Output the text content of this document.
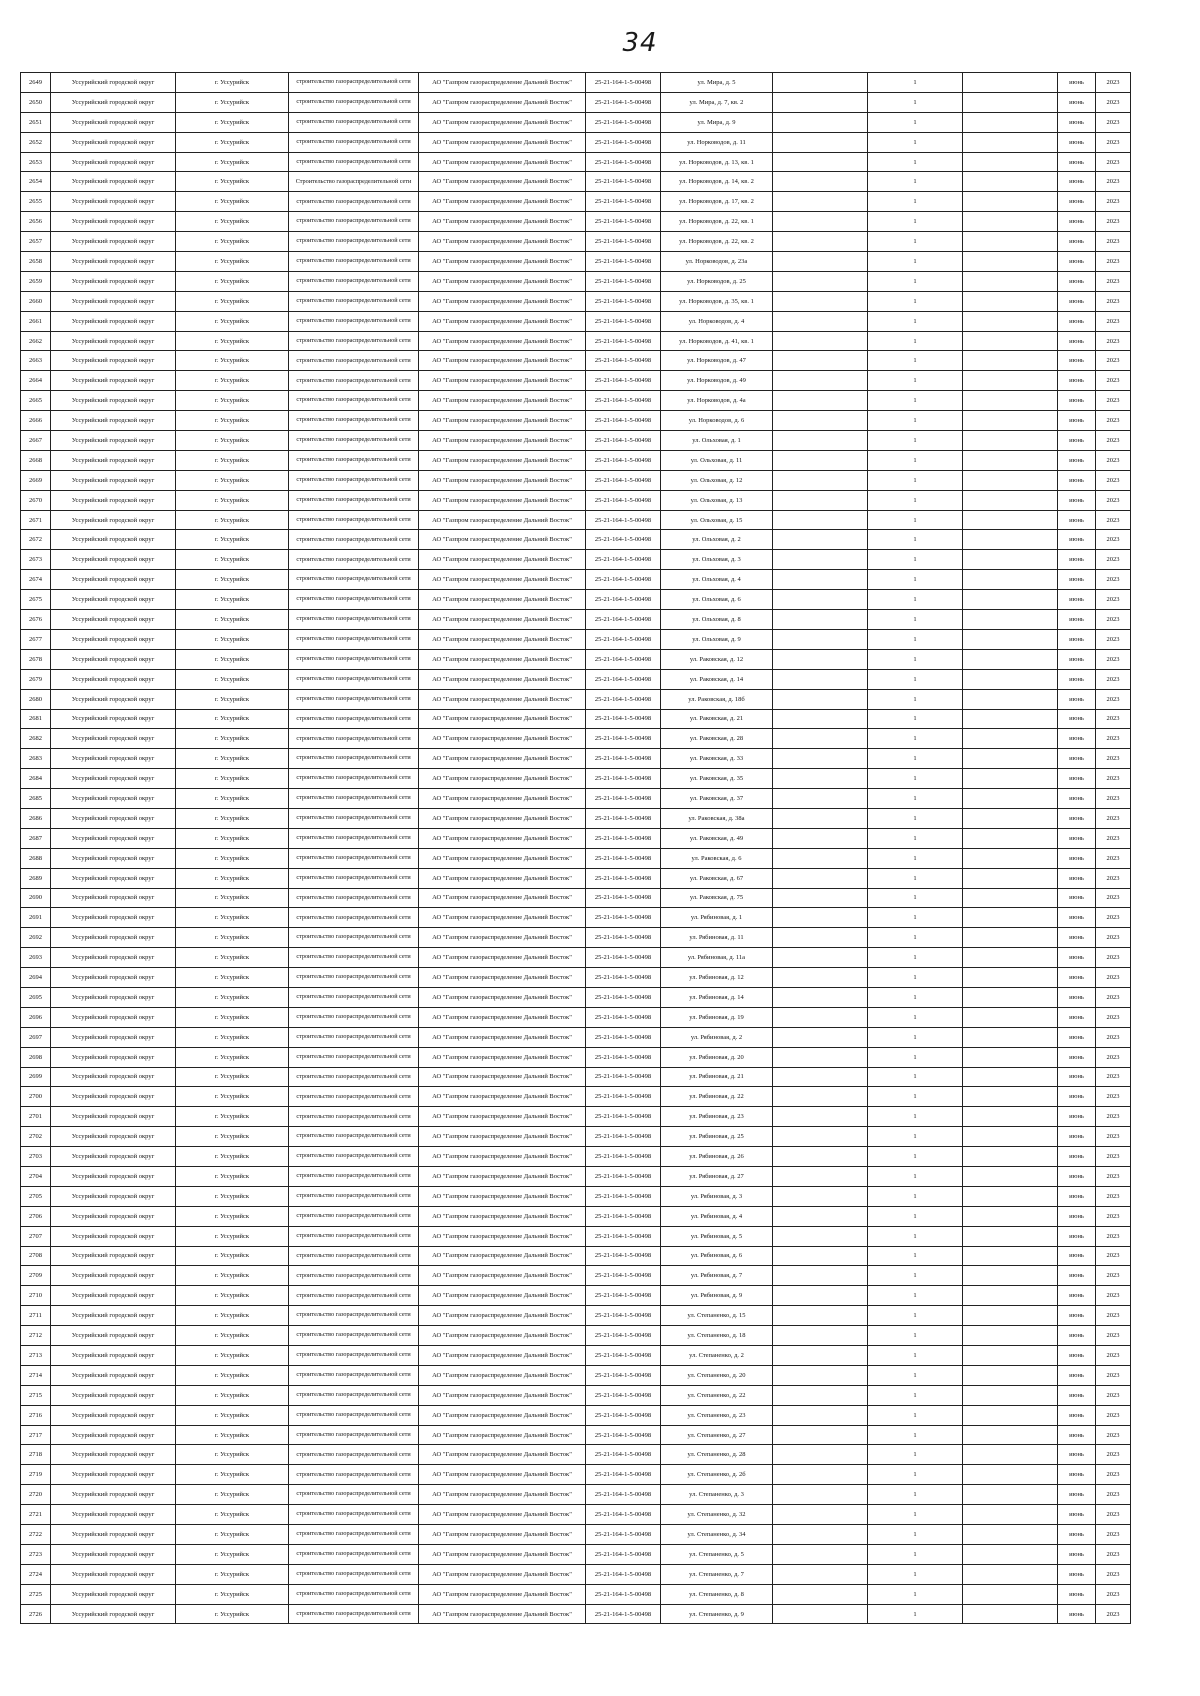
34
2649	Уссурийский городской округ	г. Уссурийск	строительство газораспределительной сети	АО "Газпром газораспределение Дальний Восток"	25-21-164-1-5-00498	ул. Мира, д. 5		1		июнь	2023
2650	Уссурийский городской округ	г. Уссурийск	строительство газораспределительной сети	АО "Газпром газораспределение Дальний Восток"	25-21-164-1-5-00498	ул. Мира, д. 7, кв. 2		1		июнь	2023
2651	Уссурийский городской округ	г. Уссурийск	строительство газораспределительной сети	АО "Газпром газораспределение Дальний Восток"	25-21-164-1-5-00498	ул. Мира, д. 9		1		июнь	2023
2652	Уссурийский городской округ	г. Уссурийск	строительство газораспределительной сети	АО "Газпром газораспределение Дальний Восток"	25-21-164-1-5-00498	ул. Норководов, д. 11		1		июнь	2023
2653	Уссурийский городской округ	г. Уссурийск	строительство газораспределительной сети	АО "Газпром газораспределение Дальний Восток"	25-21-164-1-5-00498	ул. Норководов, д. 13, кв. 1		1		июнь	2023
2654	Уссурийский городской округ	г. Уссурийск	Строительство газораспределительной сети	АО "Газпром газораспределение Дальний Восток"	25-21-164-1-5-00498	ул. Норководов, д. 14, кв. 2		1		июнь	2023
2655	Уссурийский городской округ	г. Уссурийск	строительство газораспределительной сети	АО "Газпром газораспределение Дальний Восток"	25-21-164-1-5-00498	ул. Норководов, д. 17, кв. 2		1		июнь	2023
2656	Уссурийский городской округ	г. Уссурийск	строительство газораспределительной сети	АО "Газпром газораспределение Дальний Восток"	25-21-164-1-5-00498	ул. Норководов, д. 22, кв. 1		1		июнь	2023
2657	Уссурийский городской округ	г. Уссурийск	строительство газораспределительной сети	АО "Газпром газораспределение Дальний Восток"	25-21-164-1-5-00498	ул. Норководов, д. 22, кв. 2		1		июнь	2023
2658	Уссурийский городской округ	г. Уссурийск	строительство газораспределительной сети	АО "Газпром газораспределение Дальний Восток"	25-21-164-1-5-00498	ул. Норководов, д. 23а		1		июнь	2023
2659	Уссурийский городской округ	г. Уссурийск	строительство газораспределительной сети	АО "Газпром газораспределение Дальний Восток"	25-21-164-1-5-00498	ул. Норководов, д. 25		1		июнь	2023
2660	Уссурийский городской округ	г. Уссурийск	строительство газораспределительной сети	АО "Газпром газораспределение Дальний Восток"	25-21-164-1-5-00498	ул. Норководов, д. 35, кв. 1		1		июнь	2023
2661	Уссурийский городской округ	г. Уссурийск	строительство газораспределительной сети	АО "Газпром газораспределение Дальний Восток"	25-21-164-1-5-00498	ул. Норководов, д. 4		1		июнь	2023
2662	Уссурийский городской округ	г. Уссурийск	строительство газораспределительной сети	АО "Газпром газораспределение Дальний Восток"	25-21-164-1-5-00498	ул. Норководов, д. 41, кв. 1		1		июнь	2023
2663	Уссурийский городской округ	г. Уссурийск	строительство газораспределительной сети	АО "Газпром газораспределение Дальний Восток"	25-21-164-1-5-00498	ул. Норководов, д. 47		1		июнь	2023
2664	Уссурийский городской округ	г. Уссурийск	строительство газораспределительной сети	АО "Газпром газораспределение Дальний Восток"	25-21-164-1-5-00498	ул. Норководов, д. 49		1		июнь	2023
2665	Уссурийский городской округ	г. Уссурийск	строительство газораспределительной сети	АО "Газпром газораспределение Дальний Восток"	25-21-164-1-5-00498	ул. Норководов, д. 4а		1		июнь	2023
2666	Уссурийский городской округ	г. Уссурийск	строительство газораспределительной сети	АО "Газпром газораспределение Дальний Восток"	25-21-164-1-5-00498	ул. Норководов, д. 6		1		июнь	2023
2667	Уссурийский городской округ	г. Уссурийск	строительство газораспределительной сети	АО "Газпром газораспределение Дальний Восток"	25-21-164-1-5-00498	ул. Ольховая, д. 1		1		июнь	2023
2668	Уссурийский городской округ	г. Уссурийск	строительство газораспределительной сети	АО "Газпром газораспределение Дальний Восток"	25-21-164-1-5-00498	ул. Ольховая, д. 11		1		июнь	2023
2669	Уссурийский городской округ	г. Уссурийск	строительство газораспределительной сети	АО "Газпром газораспределение Дальний Восток"	25-21-164-1-5-00498	ул. Ольховая, д. 12		1		июнь	2023
2670	Уссурийский городской округ	г. Уссурийск	строительство газораспределительной сети	АО "Газпром газораспределение Дальний Восток"	25-21-164-1-5-00498	ул. Ольховая, д. 13		1		июнь	2023
2671	Уссурийский городской округ	г. Уссурийск	строительство газораспределительной сети	АО "Газпром газораспределение Дальний Восток"	25-21-164-1-5-00498	ул. Ольховая, д. 15		1		июнь	2023
2672	Уссурийский городской округ	г. Уссурийск	строительство газораспределительной сети	АО "Газпром газораспределение Дальний Восток"	25-21-164-1-5-00498	ул. Ольховая, д. 2		1		июнь	2023
2673	Уссурийский городской округ	г. Уссурийск	строительство газораспределительной сети	АО "Газпром газораспределение Дальний Восток"	25-21-164-1-5-00498	ул. Ольховая, д. 3		1		июнь	2023
2674	Уссурийский городской округ	г. Уссурийск	строительство газораспределительной сети	АО "Газпром газораспределение Дальний Восток"	25-21-164-1-5-00498	ул. Ольховая, д. 4		1		июнь	2023
2675	Уссурийский городской округ	г. Уссурийск	строительство газораспределительной сети	АО "Газпром газораспределение Дальний Восток"	25-21-164-1-5-00498	ул. Ольховая, д. 6		1		июнь	2023
2676	Уссурийский городской округ	г. Уссурийск	строительство газораспределительной сети	АО "Газпром газораспределение Дальний Восток"	25-21-164-1-5-00498	ул. Ольховая, д. 8		1		июнь	2023
2677	Уссурийский городской округ	г. Уссурийск	строительство газораспределительной сети	АО "Газпром газораспределение Дальний Восток"	25-21-164-1-5-00498	ул. Ольховая, д. 9		1		июнь	2023
2678	Уссурийский городской округ	г. Уссурийск	строительство газораспределительной сети	АО "Газпром газораспределение Дальний Восток"	25-21-164-1-5-00498	ул. Раковская, д. 12		1		июнь	2023
2679	Уссурийский городской округ	г. Уссурийск	строительство газораспределительной сети	АО "Газпром газораспределение Дальний Восток"	25-21-164-1-5-00498	ул. Раковская, д. 14		1		июнь	2023
2680	Уссурийский городской округ	г. Уссурийск	строительство газораспределительной сети	АО "Газпром газораспределение Дальний Восток"	25-21-164-1-5-00498	ул. Раковская, д. 18б		1		июнь	2023
2681	Уссурийский городской округ	г. Уссурийск	строительство газораспределительной сети	АО "Газпром газораспределение Дальний Восток"	25-21-164-1-5-00498	ул. Раковская, д. 21		1		июнь	2023
2682	Уссурийский городской округ	г. Уссурийск	строительство газораспределительной сети	АО "Газпром газораспределение Дальний Восток"	25-21-164-1-5-00498	ул. Раковская, д. 28		1		июнь	2023
2683	Уссурийский городской округ	г. Уссурийск	строительство газораспределительной сети	АО "Газпром газораспределение Дальний Восток"	25-21-164-1-5-00498	ул. Раковская, д. 33		1		июнь	2023
2684	Уссурийский городской округ	г. Уссурийск	строительство газораспределительной сети	АО "Газпром газораспределение Дальний Восток"	25-21-164-1-5-00498	ул. Раковская, д. 35		1		июнь	2023
2685	Уссурийский городской округ	г. Уссурийск	строительство газораспределительной сети	АО "Газпром газораспределение Дальний Восток"	25-21-164-1-5-00498	ул. Раковская, д. 37		1		июнь	2023
2686	Уссурийский городской округ	г. Уссурийск	строительство газораспределительной сети	АО "Газпром газораспределение Дальний Восток"	25-21-164-1-5-00498	ул. Раковская, д. 38а		1		июнь	2023
2687	Уссурийский городской округ	г. Уссурийск	строительство газораспределительной сети	АО "Газпром газораспределение Дальний Восток"	25-21-164-1-5-00498	ул. Раковская, д. 49		1		июнь	2023
2688	Уссурийский городской округ	г. Уссурийск	строительство газораспределительной сети	АО "Газпром газораспределение Дальний Восток"	25-21-164-1-5-00498	ул. Раковская, д. 6		1		июнь	2023
2689	Уссурийский городской округ	г. Уссурийск	строительство газораспределительной сети	АО "Газпром газораспределение Дальний Восток"	25-21-164-1-5-00498	ул. Раковская, д. 67		1		июнь	2023
2690	Уссурийский городской округ	г. Уссурийск	строительство газораспределительной сети	АО "Газпром газораспределение Дальний Восток"	25-21-164-1-5-00498	ул. Раковская, д. 75		1		июнь	2023
2691	Уссурийский городской округ	г. Уссурийск	строительство газораспределительной сети	АО "Газпром газораспределение Дальний Восток"	25-21-164-1-5-00498	ул. Рябиновая, д. 1		1		июнь	2023
2692	Уссурийский городской округ	г. Уссурийск	строительство газораспределительной сети	АО "Газпром газораспределение Дальний Восток"	25-21-164-1-5-00498	ул. Рябиновая, д. 11		1		июнь	2023
2693	Уссурийский городской округ	г. Уссурийск	строительство газораспределительной сети	АО "Газпром газораспределение Дальний Восток"	25-21-164-1-5-00498	ул. Рябиновая, д. 11а		1		июнь	2023
2694	Уссурийский городской округ	г. Уссурийск	строительство газораспределительной сети	АО "Газпром газораспределение Дальний Восток"	25-21-164-1-5-00498	ул. Рябиновая, д. 12		1		июнь	2023
2695	Уссурийский городской округ	г. Уссурийск	строительство газораспределительной сети	АО "Газпром газораспределение Дальний Восток"	25-21-164-1-5-00498	ул. Рябиновая, д. 14		1		июнь	2023
2696	Уссурийский городской округ	г. Уссурийск	строительство газораспределительной сети	АО "Газпром газораспределение Дальний Восток"	25-21-164-1-5-00498	ул. Рябиновая, д. 19		1		июнь	2023
2697	Уссурийский городской округ	г. Уссурийск	строительство газораспределительной сети	АО "Газпром газораспределение Дальний Восток"	25-21-164-1-5-00498	ул. Рябиновая, д. 2		1		июнь	2023
2698	Уссурийский городской округ	г. Уссурийск	строительство газораспределительной сети	АО "Газпром газораспределение Дальний Восток"	25-21-164-1-5-00498	ул. Рябиновая, д. 20		1		июнь	2023
2699	Уссурийский городской округ	г. Уссурийск	строительство газораспределительной сети	АО "Газпром газораспределение Дальний Восток"	25-21-164-1-5-00498	ул. Рябиновая, д. 21		1		июнь	2023
2700	Уссурийский городской округ	г. Уссурийск	строительство газораспределительной сети	АО "Газпром газораспределение Дальний Восток"	25-21-164-1-5-00498	ул. Рябиновая, д. 22		1		июнь	2023
2701	Уссурийский городской округ	г. Уссурийск	строительство газораспределительной сети	АО "Газпром газораспределение Дальний Восток"	25-21-164-1-5-00498	ул. Рябиновая, д. 23		1		июнь	2023
2702	Уссурийский городской округ	г. Уссурийск	строительство газораспределительной сети	АО "Газпром газораспределение Дальний Восток"	25-21-164-1-5-00498	ул. Рябиновая, д. 25		1		июнь	2023
2703	Уссурийский городской округ	г. Уссурийск	строительство газораспределительной сети	АО "Газпром газораспределение Дальний Восток"	25-21-164-1-5-00498	ул. Рябиновая, д. 26		1		июнь	2023
2704	Уссурийский городской округ	г. Уссурийск	строительство газораспределительной сети	АО "Газпром газораспределение Дальний Восток"	25-21-164-1-5-00498	ул. Рябиновая, д. 27		1		июнь	2023
2705	Уссурийский городской округ	г. Уссурийск	строительство газораспределительной сети	АО "Газпром газораспределение Дальний Восток"	25-21-164-1-5-00498	ул. Рябиновая, д. 3		1		июнь	2023
2706	Уссурийский городской округ	г. Уссурийск	строительство газораспределительной сети	АО "Газпром газораспределение Дальний Восток"	25-21-164-1-5-00498	ул. Рябиновая, д. 4		1		июнь	2023
2707	Уссурийский городской округ	г. Уссурийск	строительство газораспределительной сети	АО "Газпром газораспределение Дальний Восток"	25-21-164-1-5-00498	ул. Рябиновая, д. 5		1		июнь	2023
2708	Уссурийский городской округ	г. Уссурийск	строительство газораспределительной сети	АО "Газпром газораспределение Дальний Восток"	25-21-164-1-5-00498	ул. Рябиновая, д. 6		1		июнь	2023
2709	Уссурийский городской округ	г. Уссурийск	строительство газораспределительной сети	АО "Газпром газораспределение Дальний Восток"	25-21-164-1-5-00498	ул. Рябиновая, д. 7		1		июнь	2023
2710	Уссурийский городской округ	г. Уссурийск	строительство газораспределительной сети	АО "Газпром газораспределение Дальний Восток"	25-21-164-1-5-00498	ул. Рябиновая, д. 9		1		июнь	2023
2711	Уссурийский городской округ	г. Уссурийск	строительство газораспределительной сети	АО "Газпром газораспределение Дальний Восток"	25-21-164-1-5-00498	ул. Степаненко, д. 15		1		июнь	2023
2712	Уссурийский городской округ	г. Уссурийск	строительство газораспределительной сети	АО "Газпром газораспределение Дальний Восток"	25-21-164-1-5-00498	ул. Степаненко, д. 18		1		июнь	2023
2713	Уссурийский городской округ	г. Уссурийск	строительство газораспределительной сети	АО "Газпром газораспределение Дальний Восток"	25-21-164-1-5-00498	ул. Степаненко, д. 2		1		июнь	2023
2714	Уссурийский городской округ	г. Уссурийск	строительство газораспределительной сети	АО "Газпром газораспределение Дальний Восток"	25-21-164-1-5-00498	ул. Степаненко, д. 20		1		июнь	2023
2715	Уссурийский городской округ	г. Уссурийск	строительство газораспределительной сети	АО "Газпром газораспределение Дальний Восток"	25-21-164-1-5-00498	ул. Степаненко, д. 22		1		июнь	2023
2716	Уссурийский городской округ	г. Уссурийск	строительство газораспределительной сети	АО "Газпром газораспределение Дальний Восток"	25-21-164-1-5-00498	ул. Степаненко, д. 23		1		июнь	2023
2717	Уссурийский городской округ	г. Уссурийск	строительство газораспределительной сети	АО "Газпром газораспределение Дальний Восток"	25-21-164-1-5-00498	ул. Степаненко, д. 27		1		июнь	2023
2718	Уссурийский городской округ	г. Уссурийск	строительство газораспределительной сети	АО "Газпром газораспределение Дальний Восток"	25-21-164-1-5-00498	ул. Степаненко, д. 28		1		июнь	2023
2719	Уссурийский городской округ	г. Уссурийск	строительство газораспределительной сети	АО "Газпром газораспределение Дальний Восток"	25-21-164-1-5-00498	ул. Степаненко, д. 2б		1		июнь	2023
2720	Уссурийский городской округ	г. Уссурийск	строительство газораспределительной сети	АО "Газпром газораспределение Дальний Восток"	25-21-164-1-5-00498	ул. Степаненко, д. 3		1		июнь	2023
2721	Уссурийский городской округ	г. Уссурийск	строительство газораспределительной сети	АО "Газпром газораспределение Дальний Восток"	25-21-164-1-5-00498	ул. Степаненко, д. 32		1		июнь	2023
2722	Уссурийский городской округ	г. Уссурийск	строительство газораспределительной сети	АО "Газпром газораспределение Дальний Восток"	25-21-164-1-5-00498	ул. Степаненко, д. 34		1		июнь	2023
2723	Уссурийский городской округ	г. Уссурийск	строительство газораспределительной сети	АО "Газпром газораспределение Дальний Восток"	25-21-164-1-5-00498	ул. Степаненко, д. 5		1		июнь	2023
2724	Уссурийский городской округ	г. Уссурийск	строительство газораспределительной сети	АО "Газпром газораспределение Дальний Восток"	25-21-164-1-5-00498	ул. Степаненко, д. 7		1		июнь	2023
2725	Уссурийский городской округ	г. Уссурийск	строительство газораспределительной сети	АО "Газпром газораспределение Дальний Восток"	25-21-164-1-5-00498	ул. Степаненко, д. 8		1		июнь	2023
2726	Уссурийский городской округ	г. Уссурийск	строительство газораспределительной сети	АО "Газпром газораспределение Дальний Восток"	25-21-164-1-5-00498	ул. Степаненко, д. 9		1		июнь	2023
